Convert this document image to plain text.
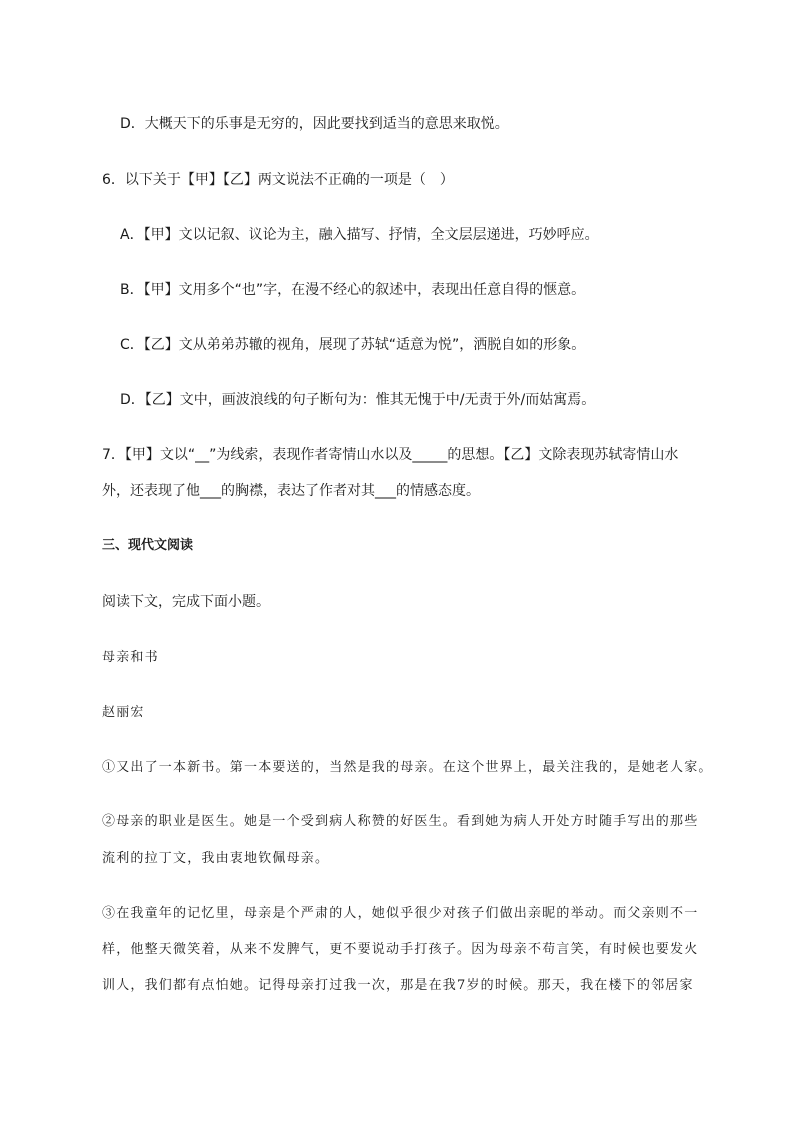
D．大概天下的乐事是无穷的，因此要找到适当的意思来取悦。
6．以下关于【甲】【乙】两文说法不正确的一项是（　）
A．【甲】文以记叙、议论为主，融入描写、抒情，全文层层递进，巧妙呼应。
B．【甲】文用多个“也”字，在漫不经心的叙述中，表现出任意自得的惬意。
C．【乙】文从弟弟苏辙的视角，展现了苏轼“适意为悦”，洒脱自如的形象。
D．【乙】文中，画波浪线的句子断句为：惟其无愧于中/无责于外/而姑寓焉。
7．【甲】文以“__”为线索，表现作者寄情山水以及_____的思想。【乙】文除表现苏轼寄情山水
外，还表现了他___的胸襟，表达了作者对其___的情感态度。
三、现代文阅读
阅读下文，完成下面小题。
母亲和书
赵丽宏
①又出了一本新书。第一本要送的，当然是我的母亲。在这个世界上，最关注我的，是她老人家。
②母亲的职业是医生。她是一个受到病人称赞的好医生。看到她为病人开处方时随手写出的那些
流利的拉丁文，我由衷地钦佩母亲。
③在我童年的记忆里，母亲是个严肃的人，她似乎很少对孩子们做出亲昵的举动。而父亲则不一
样，他整天微笑着，从来不发脾气，更不要说动手打孩子。因为母亲不苟言笑，有时候也要发火
训人，我们都有点怕她。记得母亲打过我一次，那是在我7岁的时候。那天，我在楼下的邻居家
